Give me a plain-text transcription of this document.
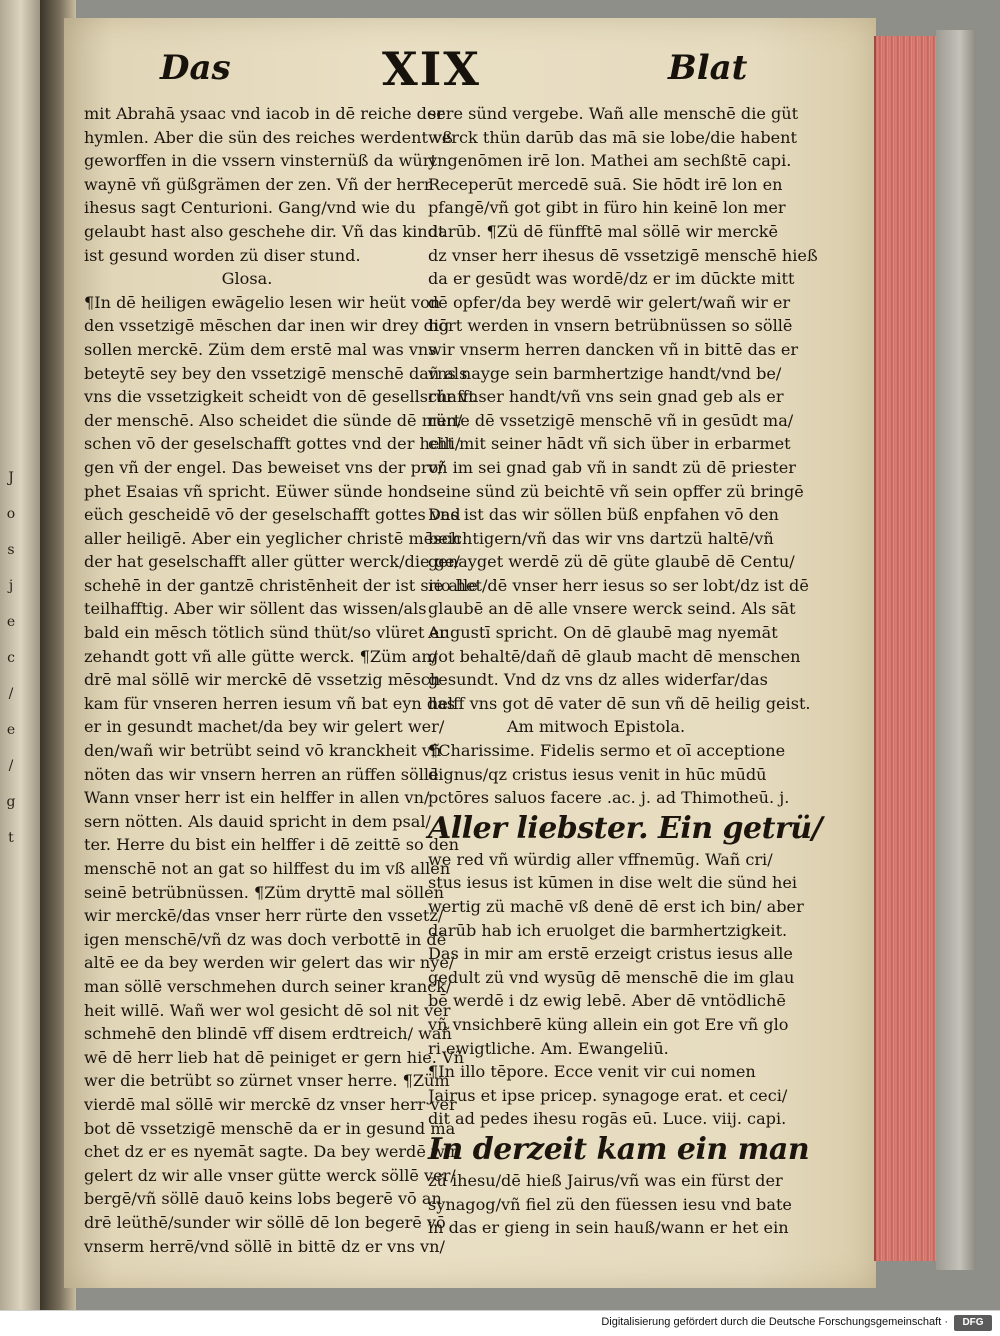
J
o
s
j
e
c
/
e
/
g
t
Das	XIX	Blat
mit Abrahā ysaac vnd iacob in dē reiche der
hymlen. Aber die sün des reiches werdent vß
geworffen in die vssern vinsternüß da würt
waynē vñ güßgrämen der zen. Vñ der herr
ihesus sagt Centurioni. Gang/vnd wie du
gelaubt hast also geschehe dir. Vñ das kindt
ist gesund worden zü diser stund.
Glosa.
¶In dē heiligen ewāgelio lesen wir heüt von
den vssetzigē mēschen dar inen wir drey dig
sollen merckē. Züm dem erstē mal was vns
beteytē sey bey den vssetzigē menschē dañ als
vns die vssetzigkeit scheidt von dē gesellschafft
der menschē. Also scheidet die sünde dē men/
schen vō der geselschafft gottes vnd der heili/
gen vñ der engel. Das beweiset vns der pro/
phet Esaias vñ spricht. Eüwer sünde hond
eüch gescheidē vō der geselschafft gottes vnd
aller heiligē. Aber ein yeglicher christē mēsch
der hat geselschafft aller gütter werck/die ge/
schehē in der gantzē christēnheit der ist sie alle
teilhafftig. Aber wir söllent das wissen/als
bald ein mēsch tötlich sünd thüt/so vlüret er
zehandt gott vñ alle gütte werck. ¶Züm an/
drē mal söllē wir merckē dē vssetzig mēsch
kam für vnseren herren iesum vñ bat eyn das
er in gesundt machet/da bey wir gelert wer/
den/wañ wir betrübt seind vō kranckheit vñ
nöten das wir vnsern herren an rüffen söllē
Wann vnser herr ist ein helffer in allen vn/
sern nötten. Als dauid spricht in dem psal/
ter. Herre du bist ein helffer i dē zeittē so den
menschē not an gat so hilffest du im vß allen
seinē betrübnüssen. ¶Züm dryttē mal söllen
wir merckē/das vnser herr rürte den vssetz/
igen menschē/vñ dz was doch verbottē in dē
altē ee da bey werden wir gelert das wir nye/
man söllē verschmehen durch seiner kranck/
heit willē. Wañ wer wol gesicht dē sol nit ver
schmehē den blindē vff disem erdtreich/ wañ
wē dē herr lieb hat dē peiniget er gern hie. Vñ
wer die betrübt so zürnet vnser herre. ¶Züm
vierdē mal söllē wir merckē dz vnser herr ver
bot dē vssetzigē menschē da er in gesund ma
chet dz er es nyemāt sagte. Da bey werdē wir
gelert dz wir alle vnser gütte werck söllē ver/
bergē/vñ söllē dauō keins lobs begerē vō an
drē leüthē/sunder wir söllē dē lon begerē vō
vnserm herrē/vnd söllē in bittē dz er vns vn/
sere sünd vergebe. Wañ alle menschē die güt
werck thün darūb das mā sie lobe/die habent
yngenōmen irē lon. Mathei am sechßtē capi.
Receperūt mercedē suā. Sie hōdt irē lon en
pfangē/vñ got gibt in füro hin keinē lon mer
darūb. ¶Zü dē fünfftē mal söllē wir merckē
dz vnser herr ihesus dē vssetzigē menschē hieß
da er gesūdt was wordē/dz er im dūckte mitt
dē opfer/da bey werdē wir gelert/wañ wir er
hōrt werden in vnsern betrübnüssen so söllē
wir vnserm herren dancken vñ in bittē das er
vns nayge sein barmhertzige handt/vnd be/
rür vnser handt/vñ vns sein gnad geb als er
rürte dē vssetzigē menschē vñ in gesūdt ma/
cht mit seiner hādt vñ sich über in erbarmet
vñ im sei gnad gab vñ in sandt zü dē priester
seine sünd zü beichtē vñ sein opffer zü bringē
Das ist das wir söllen büß enpfahen vō den
beichtigern/vñ das wir vns dartzü haltē/vñ
genayget werdē zü dē güte glaubē dē Centu/
rio het/dē vnser herr iesus so ser lobt/dz ist dē
glaubē an dē alle vnsere werck seind. Als sāt
Augustī spricht. On dē glaubē mag nyemāt
got behaltē/dañ dē glaub macht dē menschen
gesundt. Vnd dz vns dz alles widerfar/das
helff vns got dē vater dē sun vñ dē heilig geist.
Am mitwoch Epistola.
¶Charissime. Fidelis sermo et oī acceptione
dignus/qz cristus iesus venit in hūc mūdū
pctōres saluos facere .ac. j. ad Thimotheū. j.
Aller liebster. Ein getrü/
we red vñ würdig aller vffnemūg. Wañ cri/
stus iesus ist kūmen in dise welt die sünd hei
wertig zü machē vß denē dē erst ich bin/ aber
darūb hab ich eruolget die barmhertzigkeit.
Das in mir am erstē erzeigt cristus iesus alle
gedult zü vnd wysūg dē menschē die im glau
bē werdē i dz ewig lebē. Aber dē vntödlichē
vñ vnsichberē küng allein ein got Ere vñ glo
ri ewigtliche. Am. Ewangeliū.
¶In illo tēpore. Ecce venit vir cui nomen
Jairus et ipse pricep. synagoge erat. et ceci/
dit ad pedes ihesu rogās eū. Luce. viij. capi.
In derzeit kam ein man
zü ihesu/dē hieß Jairus/vñ was ein fürst der
synagog/vñ fiel zü den füessen iesu vnd bate
in das er gieng in sein hauß/wann er het ein
Digitalisierung gefördert durch die Deutsche Forschungsgemeinschaft ·	DFG
